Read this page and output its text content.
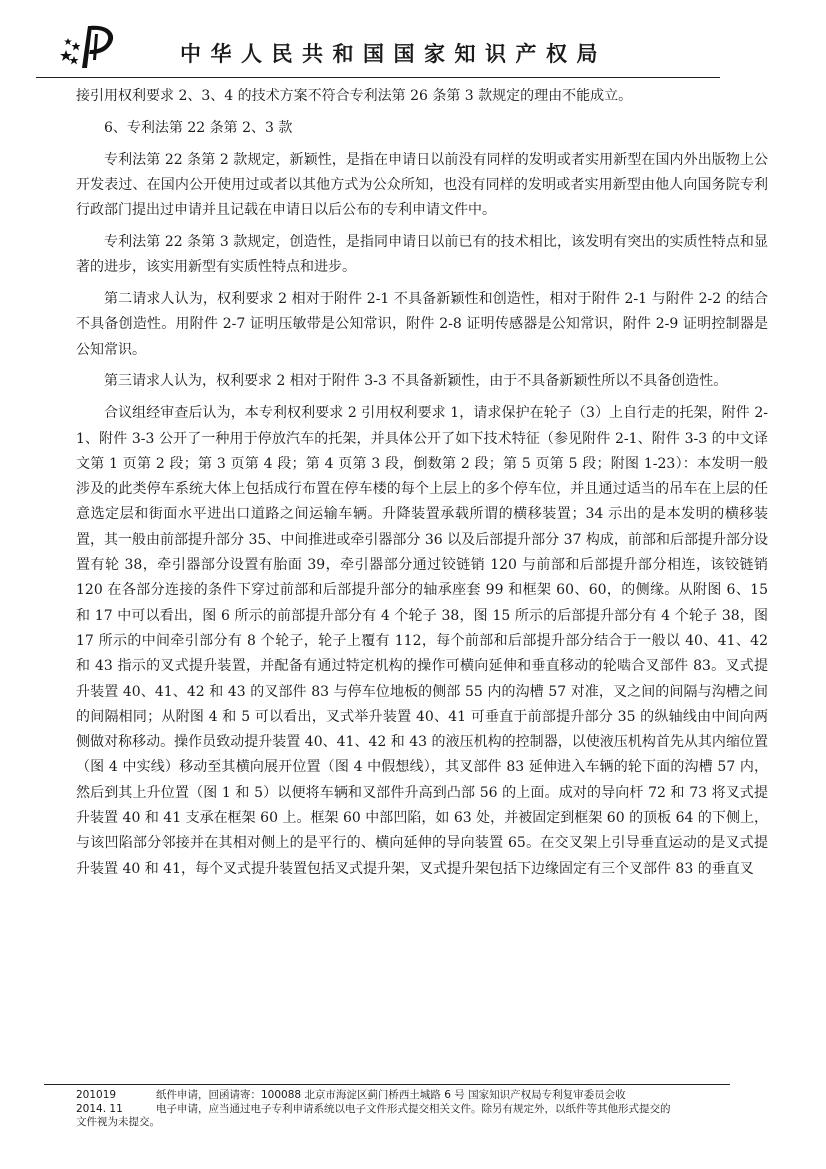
中华人民共和国国家知识产权局

接引用权利要求 2、3、4 的技术方案不符合专利法第 26 条第 3 款规定的理由不能成立。

6、专利法第 22 条第 2、3 款

专利法第 22 条第 2 款规定，新颖性，是指在申请日以前没有同样的发明或者实用新型在国内外出版物上公开发表过、在国内公开使用过或者以其他方式为公众所知，也没有同样的发明或者实用新型由他人向国务院专利行政部门提出过申请并且记载在申请日以后公布的专利申请文件中。

专利法第 22 条第 3 款规定，创造性，是指同申请日以前已有的技术相比，该发明有突出的实质性特点和显著的进步，该实用新型有实质性特点和进步。

第二请求人认为，权利要求 2 相对于附件 2-1 不具备新颖性和创造性，相对于附件 2-1 与附件 2-2 的结合不具备创造性。用附件 2-7 证明压敏带是公知常识，附件 2-8 证明传感器是公知常识，附件 2-9 证明控制器是公知常识。

第三请求人认为，权利要求 2 相对于附件 3-3 不具备新颖性，由于不具备新颖性所以不具备创造性。

合议组经审查后认为，本专利权利要求 2 引用权利要求 1，请求保护在轮子（3）上自行走的托架，附件 2-1、附件 3-3 公开了一种用于停放汽车的托架，并具体公开了如下技术特征（参见附件 2-1、附件 3-3 的中文译文第 1 页第 2 段；第 3 页第 4 段；第 4 页第 3 段，倒数第 2 段；第 5 页第 5 段；附图 1-23）：本发明一般涉及的此类停车系统大体上包括成行布置在停车楼的每个上层上的多个停车位，并且通过适当的吊车在上层的任意选定层和街面水平进出口道路之间运输车辆。升降装置承载所谓的横移装置；34 示出的是本发明的横移装置，其一般由前部提升部分 35、中间推进或牵引器部分 36 以及后部提升部分 37 构成，前部和后部提升部分设置有轮 38，牵引器部分设置有胎面 39，牵引器部分通过铰链销 120 与前部和后部提升部分相连，该铰链销 120 在各部分连接的条件下穿过前部和后部提升部分的轴承座套 99 和框架 60、60，的侧缘。从附图 6、15 和 17 中可以看出，图 6 所示的前部提升部分有 4 个轮子 38，图 15 所示的后部提升部分有 4 个轮子 38，图 17 所示的中间牵引部分有 8 个轮子，轮子上覆有 112，每个前部和后部提升部分结合于一般以 40、41、42 和 43 指示的叉式提升装置，并配备有通过特定机构的操作可横向延伸和垂直移动的轮啮合叉部件 83。叉式提升装置 40、41、42 和 43 的叉部件 83 与停车位地板的侧部 55 内的沟槽 57 对准，叉之间的间隔与沟槽之间的间隔相同；从附图 4 和 5 可以看出，叉式举升装置 40、41 可垂直于前部提升部分 35 的纵轴线由中间向两侧做对称移动。操作员致动提升装置 40、41、42 和 43 的液压机构的控制器，以使液压机构首先从其内缩位置（图 4 中实线）移动至其横向展开位置（图 4 中假想线），其叉部件 83 延伸进入车辆的轮下面的沟槽 57 内，然后到其上升位置（图 1 和 5）以便将车辆和叉部件升高到凸部 56 的上面。成对的导向杆 72 和 73 将叉式提升装置 40 和 41 支承在框架 60 上。框架 60 中部凹陷，如 63 处，并被固定到框架 60 的顶板 64 的下侧上，与该凹陷部分邻接并在其相对侧上的是平行的、横向延伸的导向装置 65。在交叉架上引导垂直运动的是叉式提升装置 40 和 41，每个叉式提升装置包括叉式提升架，叉式提升架包括下边缘固定有三个叉部件 83 的垂直叉

201019	纸件申请，回函请寄：100088 北京市海淀区蓟门桥西土城路 6 号 国家知识产权局专利复审委员会收
2014. 11	电子申请，应当通过电子专利申请系统以电子文件形式提交相关文件。除另有规定外，以纸件等其他形式提交的
文件视为未提交。
